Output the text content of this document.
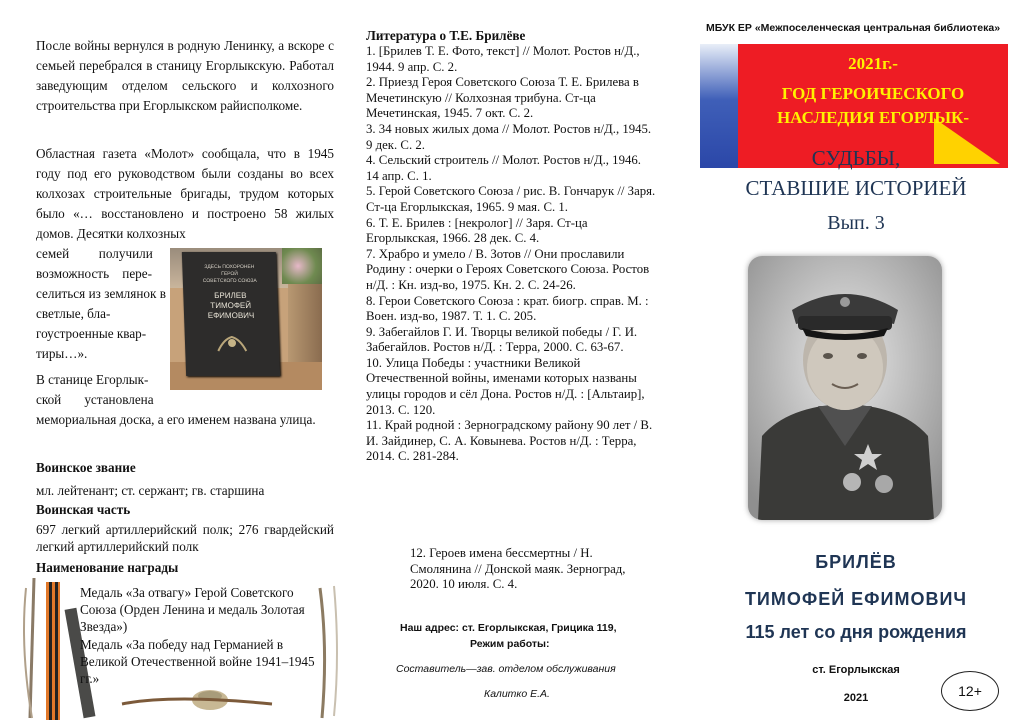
После войны вернулся в родную Ленинку, а вскоре с семьей перебрался в станицу Егорлыкскую. Работал заведующим отделом сельского и колхозного строительства при Егорлыкском райисполкоме.

Областная газета «Молот» сообщала, что в 1945 году под его руководством были созданы во всех колхозах строительные бригады, трудом которых было «… восстановлено и построено 58 жилых домов. Десятки колхозных

семей         получили
возможность    пере-
селиться из землянок в светлые, бла-
гоустроенные квар-
тиры…».
В станице Егорлык-
ской       установлена
ЗДЕСЬ ПОХОРОНЕН
ГЕРОЙ
СОВЕТСКОГО СОЮЗА
БРИЛЕВ
ТИМОФЕЙ
ЕФИМОВИЧ

мемориальная доска, а его именем названа улица.

Воинское звание
мл. лейтенант; ст. сержант; гв. старшина
Воинская часть

697 легкий артиллерийский полк; 276 гвардейский легкий артиллерийский полк

Наименование награды

Медаль «За отвагу» Герой Советского Союза (Орден Ленина и медаль Золотая Звезда»)

Медаль «За победу над Германией в Великой Отечественной войне 1941–1945 гг.»

Литература о Т.Е. Брилёве

1. [Брилев Т. Е. Фото, текст] // Молот. Ростов н/Д., 1944. 9 апр. С. 2.

2. Приезд Героя Советского Союза Т. Е. Брилева в Мечетинскую // Колхозная трибуна. Ст-ца Мечетинская, 1945. 7 окт. С. 2.

3. 34 новых жилых дома // Молот. Ростов н/Д., 1945. 9 дек. С. 2.

4. Сельский строитель // Молот. Ростов н/Д., 1946. 14 апр. С. 1.

5. Герой Советского Союза / рис. В. Гончарук // Заря. Ст-ца Егорлыкская, 1965. 9 мая. С. 1.

6. Т. Е. Брилев : [некролог] // Заря. Ст-ца Егорлыкская, 1966. 28 дек. С. 4.

7. Храбро и умело / В. Зотов // Они прославили Родину : очерки о Героях Советского Союза. Ростов н/Д. : Кн. изд-во, 1975. Кн. 2. С. 24-26.

8. Герои Советского Союза : крат. биогр. справ. М. : Воен. изд-во, 1987. Т. 1. С. 205.

9. Забегайлов Г. И. Творцы великой победы / Г. И. Забегайлов. Ростов н/Д. : Терра, 2000. С. 63-67.

10. Улица Победы : участники Великой Отечественной войны, именами которых названы улицы городов и сёл Дона. Ростов н/Д. : [Альтаир], 2013. С. 120.

11. Край родной : Зерноградскому району 90 лет / В. И. Зайдинер, С. А. Ковынева. Ростов н/Д. : Терра, 2014. С. 281-284.

12. Героев имена бессмертны / Н. Смолянина // Донской маяк. Зерноград, 2020. 10 июля. С. 4.

Наш адрес: ст. Егорлыкская, Грицика 119,
Режим работы:
Составитель—зав. отделом обслуживания
Калитко Е.А.
МБУК ЕР «Межпоселенческая центральная библиотека»
2021г.-
ГОД ГЕРОИЧЕСКОГО
НАСЛЕДИЯ ЕГОРЛЫК-
СУДЬБЫ,
СТАВШИЕ ИСТОРИЕЙ
Вып. 3
БРИЛЁВ
ТИМОФЕЙ ЕФИМОВИЧ
115 лет со дня рождения
ст. Егорлыкская
2021	12+
